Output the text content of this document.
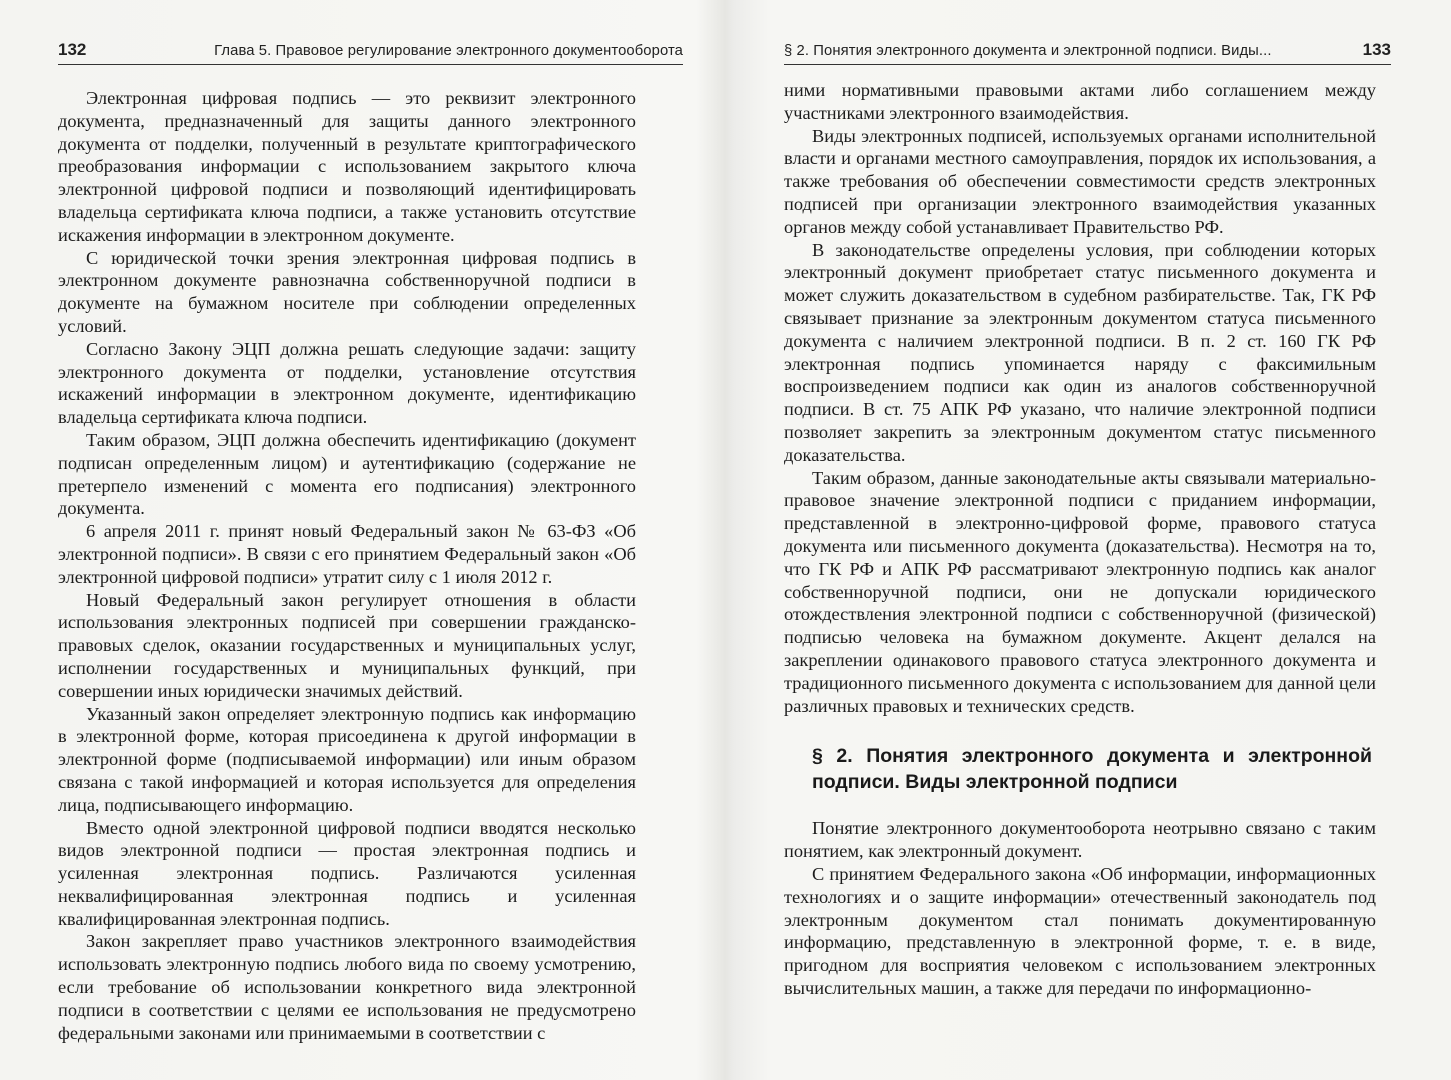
132	Глава 5. Правовое регулирование электронного документооборота

Электронная цифровая подпись — это реквизит электронного документа, предназначенный для защиты данного электронного документа от подделки, полученный в результате криптографического преобразования информации с использованием закрытого ключа электронной цифровой подписи и позволяющий идентифицировать владельца сертификата ключа подписи, а также установить отсутствие искажения информации в электронном документе.

С юридической точки зрения электронная цифровая подпись в электронном документе равнозначна собственноручной подписи в документе на бумажном носителе при соблюдении определенных условий.

Согласно Закону ЭЦП должна решать следующие задачи: защиту электронного документа от подделки, установление отсутствия искажений информации в электронном документе, идентификацию владельца сертификата ключа подписи.

Таким образом, ЭЦП должна обеспечить идентификацию (документ подписан определенным лицом) и аутентификацию (содержание не претерпело изменений с момента его подписания) электронного документа.

6 апреля 2011 г. принят новый Федеральный закон № 63-ФЗ «Об электронной подписи». В связи с его принятием Федеральный закон «Об электронной цифровой подписи» утратит силу с 1 июля 2012 г.

Новый Федеральный закон регулирует отношения в области использования электронных подписей при совершении гражданско-правовых сделок, оказании государственных и муниципальных услуг, исполнении государственных и муниципальных функций, при совершении иных юридически значимых действий.

Указанный закон определяет электронную подпись как информацию в электронной форме, которая присоединена к другой информации в электронной форме (подписываемой информации) или иным образом связана с такой информацией и которая используется для определения лица, подписывающего информацию.

Вместо одной электронной цифровой подписи вводятся несколько видов электронной подписи — простая электронная подпись и усиленная электронная подпись. Различаются усиленная неквалифицированная электронная подпись и усиленная квалифицированная электронная подпись.

Закон закрепляет право участников электронного взаимодействия использовать электронную подпись любого вида по своему усмотрению, если требование об использовании конкретного вида электронной подписи в соответствии с целями ее использования не предусмотрено федеральными законами или принимаемыми в соответствии с

§ 2. Понятия электронного документа и электронной подписи. Виды...	133

ними нормативными правовыми актами либо соглашением между участниками электронного взаимодействия.

Виды электронных подписей, используемых органами исполнительной власти и органами местного самоуправления, порядок их использования, а также требования об обеспечении совместимости средств электронных подписей при организации электронного взаимодействия указанных органов между собой устанавливает Правительство РФ.

В законодательстве определены условия, при соблюдении которых электронный документ приобретает статус письменного документа и может служить доказательством в судебном разбирательстве. Так, ГК РФ связывает признание за электронным документом статуса письменного документа с наличием электронной подписи. В п. 2 ст. 160 ГК РФ электронная подпись упоминается наряду с факсимильным воспроизведением подписи как один из аналогов собственноручной подписи. В ст. 75 АПК РФ указано, что наличие электронной подписи позволяет закрепить за электронным документом статус письменного доказательства.

Таким образом, данные законодательные акты связывали материально-правовое значение электронной подписи с приданием информации, представленной в электронно-цифровой форме, правового статуса документа или письменного документа (доказательства). Несмотря на то, что ГК РФ и АПК РФ рассматривают электронную подпись как аналог собственноручной подписи, они не допускали юридического отождествления электронной подписи с собственноручной (физической) подписью человека на бумажном документе. Акцент делался на закреплении одинакового правового статуса электронного документа и традиционного письменного документа с использованием для данной цели различных правовых и технических средств.

§ 2. Понятия электронного документа и электронной подписи. Виды электронной подписи

Понятие электронного документооборота неотрывно связано с таким понятием, как электронный документ.

С принятием Федерального закона «Об информации, информационных технологиях и о защите информации» отечественный законодатель под электронным документом стал понимать документированную информацию, представленную в электронной форме, т. е. в виде, пригодном для восприятия человеком с использованием электронных вычислительных машин, а также для передачи по информационно-
